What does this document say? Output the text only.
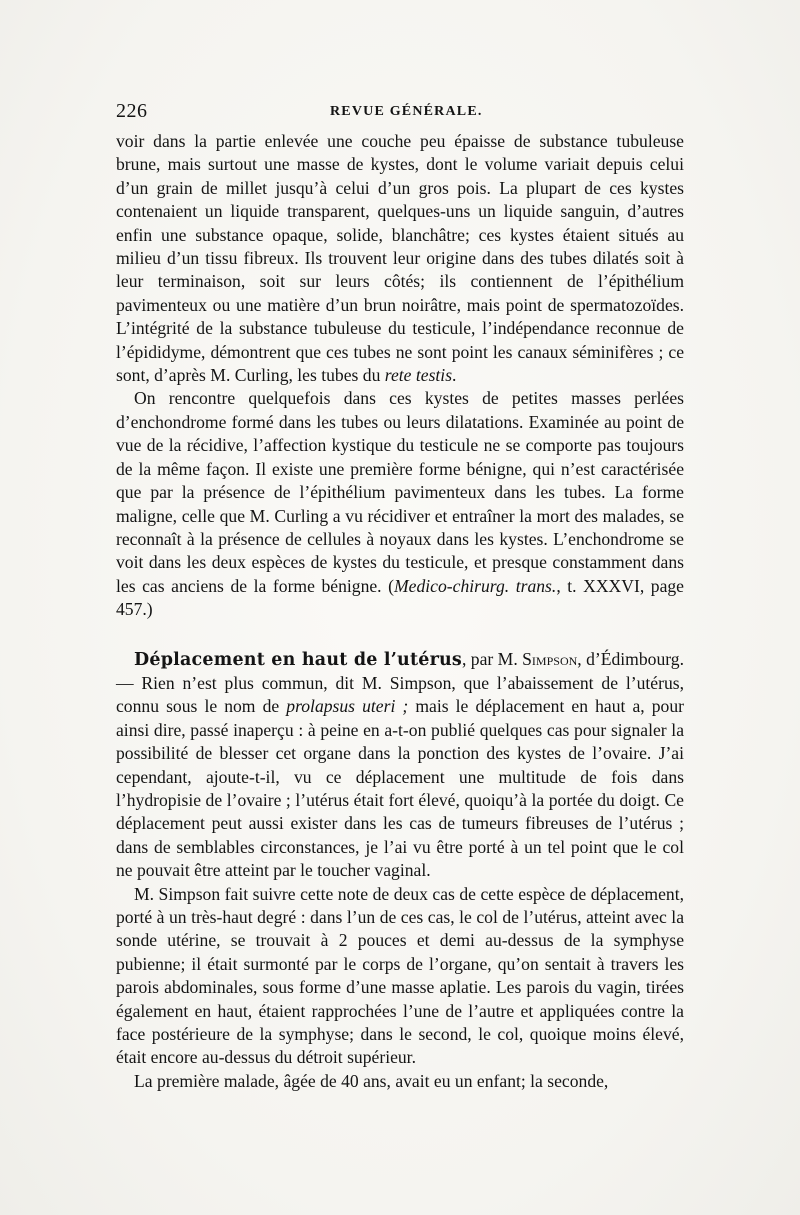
226	REVUE GÉNÉRALE.

voir dans la partie enlevée une couche peu épaisse de substance tubuleuse brune, mais surtout une masse de kystes, dont le volume variait depuis celui d’un grain de millet jusqu’à celui d’un gros pois. La plupart de ces kystes contenaient un liquide transparent, quelques-uns un liquide sanguin, d’autres enfin une substance opaque, solide, blanchâtre; ces kystes étaient situés au milieu d’un tissu fibreux. Ils trouvent leur origine dans des tubes dilatés soit à leur terminaison, soit sur leurs côtés; ils contiennent de l’épithélium pavimenteux ou une matière d’un brun noirâtre, mais point de spermatozoïdes. L’intégrité de la substance tubuleuse du testicule, l’indépendance reconnue de l’épididyme, démontrent que ces tubes ne sont point les canaux séminifères ; ce sont, d’après M. Curling, les tubes du rete testis.

On rencontre quelquefois dans ces kystes de petites masses perlées d’enchondrome formé dans les tubes ou leurs dilatations. Examinée au point de vue de la récidive, l’affection kystique du testicule ne se comporte pas toujours de la même façon. Il existe une première forme bénigne, qui n’est caractérisée que par la présence de l’épithélium pavimenteux dans les tubes. La forme maligne, celle que M. Curling a vu récidiver et entraîner la mort des malades, se reconnaît à la présence de cellules à noyaux dans les kystes. L’enchondrome se voit dans les deux espèces de kystes du testicule, et presque constamment dans les cas anciens de la forme bénigne. (Medico-chirurg. trans., t. XXXVI, page 457.)

Déplacement en haut de l’utérus, par M. Simpson, d’Édimbourg. — Rien n’est plus commun, dit M. Simpson, que l’abaissement de l’utérus, connu sous le nom de prolapsus uteri ; mais le déplacement en haut a, pour ainsi dire, passé inaperçu : à peine en a-t-on publié quelques cas pour signaler la possibilité de blesser cet organe dans la ponction des kystes de l’ovaire. J’ai cependant, ajoute-t-il, vu ce déplacement une multitude de fois dans l’hydropisie de l’ovaire ; l’utérus était fort élevé, quoiqu’à la portée du doigt. Ce déplacement peut aussi exister dans les cas de tumeurs fibreuses de l’utérus ; dans de semblables circonstances, je l’ai vu être porté à un tel point que le col ne pouvait être atteint par le toucher vaginal.

M. Simpson fait suivre cette note de deux cas de cette espèce de déplacement, porté à un très-haut degré : dans l’un de ces cas, le col de l’utérus, atteint avec la sonde utérine, se trouvait à 2 pouces et demi au-dessus de la symphyse pubienne; il était surmonté par le corps de l’organe, qu’on sentait à travers les parois abdominales, sous forme d’une masse aplatie. Les parois du vagin, tirées également en haut, étaient rapprochées l’une de l’autre et appliquées contre la face postérieure de la symphyse; dans le second, le col, quoique moins élevé, était encore au-dessus du détroit supérieur.

La première malade, âgée de 40 ans, avait eu un enfant; la seconde,
